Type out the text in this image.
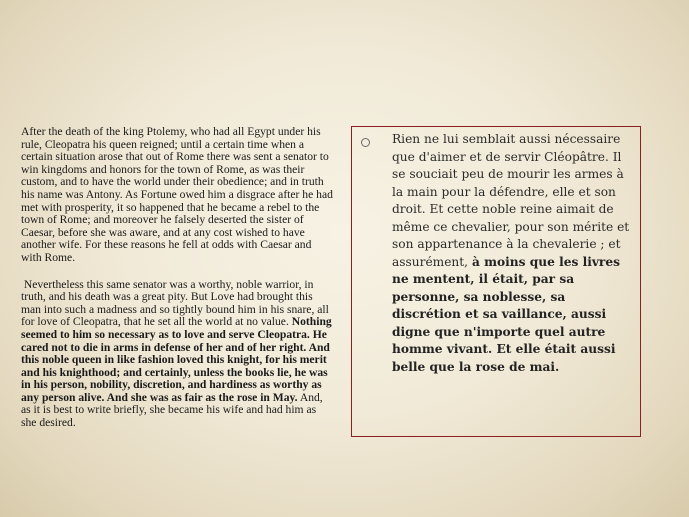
After the death of the king Ptolemy, who had all Egypt under his rule, Cleopatra his queen reigned; until a certain time when a certain situation arose that out of Rome there was sent a senator to win kingdoms and honors for the town of Rome, as was their custom, and to have the world under their obedience; and in truth his name was Antony. As Fortune owed him a disgrace after he had met with prosperity, it so happened that he became a rebel to the town of Rome; and moreover he falsely deserted the sister of Caesar, before she was aware, and at any cost wished to have another wife. For these reasons he fell at odds with Caesar and with Rome.

Nevertheless this same senator was a worthy, noble warrior, in truth, and his death was a great pity. But Love had brought this man into such a madness and so tightly bound him in his snare, all for love of Cleopatra, that he set all the world at no value. Nothing seemed to him so necessary as to love and serve Cleopatra. He cared not to die in arms in defense of her and of her right. And this noble queen in like fashion loved this knight, for his merit and his knighthood; and certainly, unless the books lie, he was in his person, nobility, discretion, and hardiness as worthy as any person alive. And she was as fair as the rose in May. And, as it is best to write briefly, she became his wife and had him as she desired.

Rien ne lui semblait aussi nécessaire que d'aimer et de servir Cléopâtre. Il se souciait peu de mourir les armes à la main pour la défendre, elle et son droit. Et cette noble reine aimait de même ce chevalier, pour son mérite et son appartenance à la chevalerie ; et assurément, à moins que les livres ne mentent, il était, par sa personne, sa noblesse, sa discrétion et sa vaillance, aussi digne que n'importe quel autre homme vivant. Et elle était aussi belle que la rose de mai.
